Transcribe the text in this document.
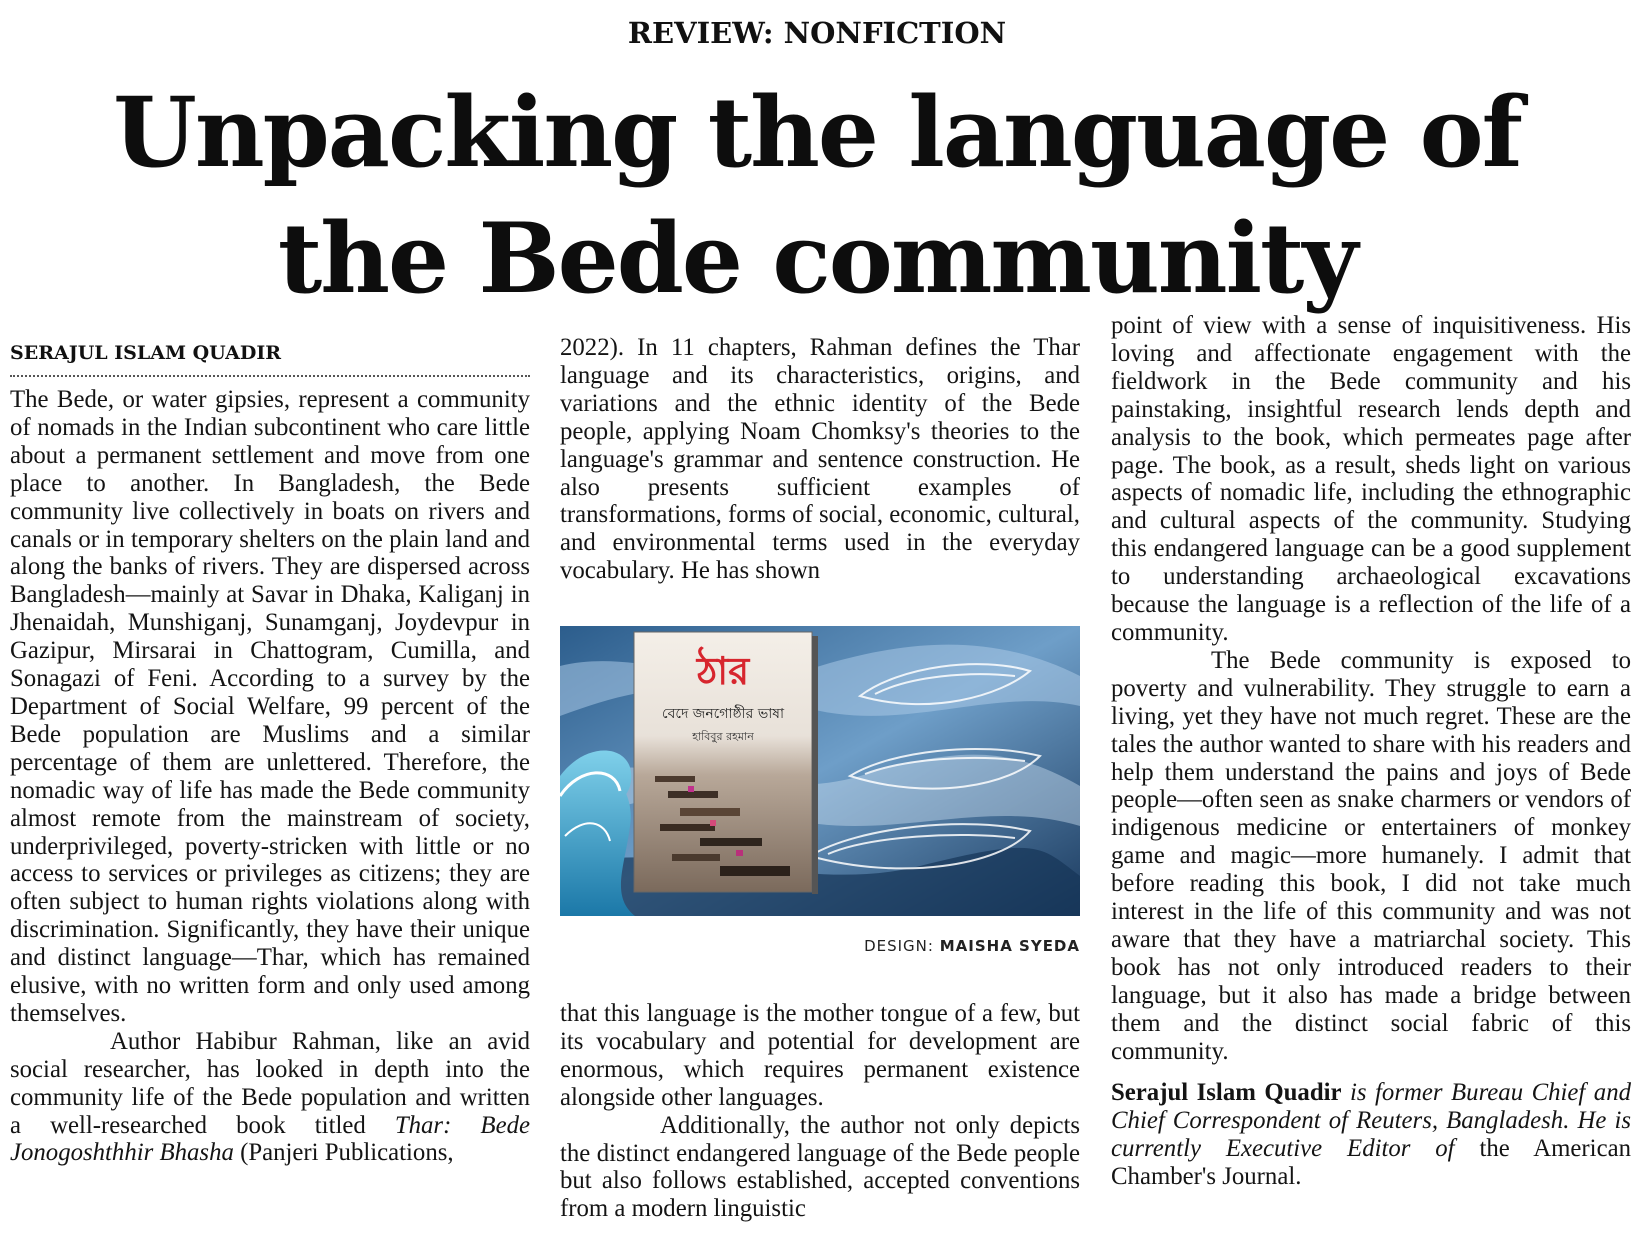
REVIEW: NONFICTION
Unpacking the language of
the Bede community
SERAJUL ISLAM QUADIR

The Bede, or water gipsies, represent a community of nomads in the Indian subcontinent who care little about a permanent settlement and move from one place to another. In Bangladesh, the Bede community live collectively in boats on rivers and canals or in temporary shelters on the plain land and along the banks of rivers. They are dispersed across Bangladesh—mainly at Savar in Dhaka, Kaliganj in Jhenaidah, Munshiganj, Sunamganj, Joydevpur in Gazipur, Mirsarai in Chattogram, Cumilla, and Sonagazi of Feni. According to a survey by the Department of Social Welfare, 99 percent of the Bede population are Muslims and a similar percentage of them are unlettered. Therefore, the nomadic way of life has made the Bede community almost remote from the mainstream of society, underprivileged, poverty-stricken with little or no access to services or privileges as citizens; they are often subject to human rights violations along with discrimination. Significantly, they have their unique and distinct language—Thar, which has remained elusive, with no written form and only used among themselves.

Author Habibur Rahman, like an avid social researcher, has looked in depth into the community life of the Bede population and written a well-researched book titled Thar: Bede Jonogoshthhir Bhasha (Panjeri Publications,

2022). In 11 chapters, Rahman defines the Thar language and its characteristics, origins, and variations and the ethnic identity of the Bede people, applying Noam Chomksy's theories to the language's grammar and sentence construction. He also presents sufficient examples of transformations, forms of social, economic, cultural, and environmental terms used in the everyday vocabulary. He has shown

ঠার
বেদে জনগোষ্ঠীর ভাষা
হাবিবুর রহমান
DESIGN: MAISHA SYEDA

that this language is the mother tongue of a few, but its vocabulary and potential for development are enormous, which requires permanent existence alongside other languages.

Additionally, the author not only depicts the distinct endangered language of the Bede people but also follows established, accepted conventions from a modern linguistic

point of view with a sense of inquisitiveness. His loving and affectionate engagement with the fieldwork in the Bede community and his painstaking, insightful research lends depth and analysis to the book, which permeates page after page. The book, as a result, sheds light on various aspects of nomadic life, including the ethnographic and cultural aspects of the community. Studying this endangered language can be a good supplement to understanding archaeological excavations because the language is a reflection of the life of a community.

The Bede community is exposed to poverty and vulnerability. They struggle to earn a living, yet they have not much regret. These are the tales the author wanted to share with his readers and help them understand the pains and joys of Bede people—often seen as snake charmers or vendors of indigenous medicine or entertainers of monkey game and magic—more humanely. I admit that before reading this book, I did not take much interest in the life of this community and was not aware that they have a matriarchal society. This book has not only introduced readers to their language, but it also has made a bridge between them and the distinct social fabric of this community.

Serajul Islam Quadir is former Bureau Chief and Chief Correspondent of Reuters, Bangladesh. He is currently Executive Editor of the American Chamber's Journal.
